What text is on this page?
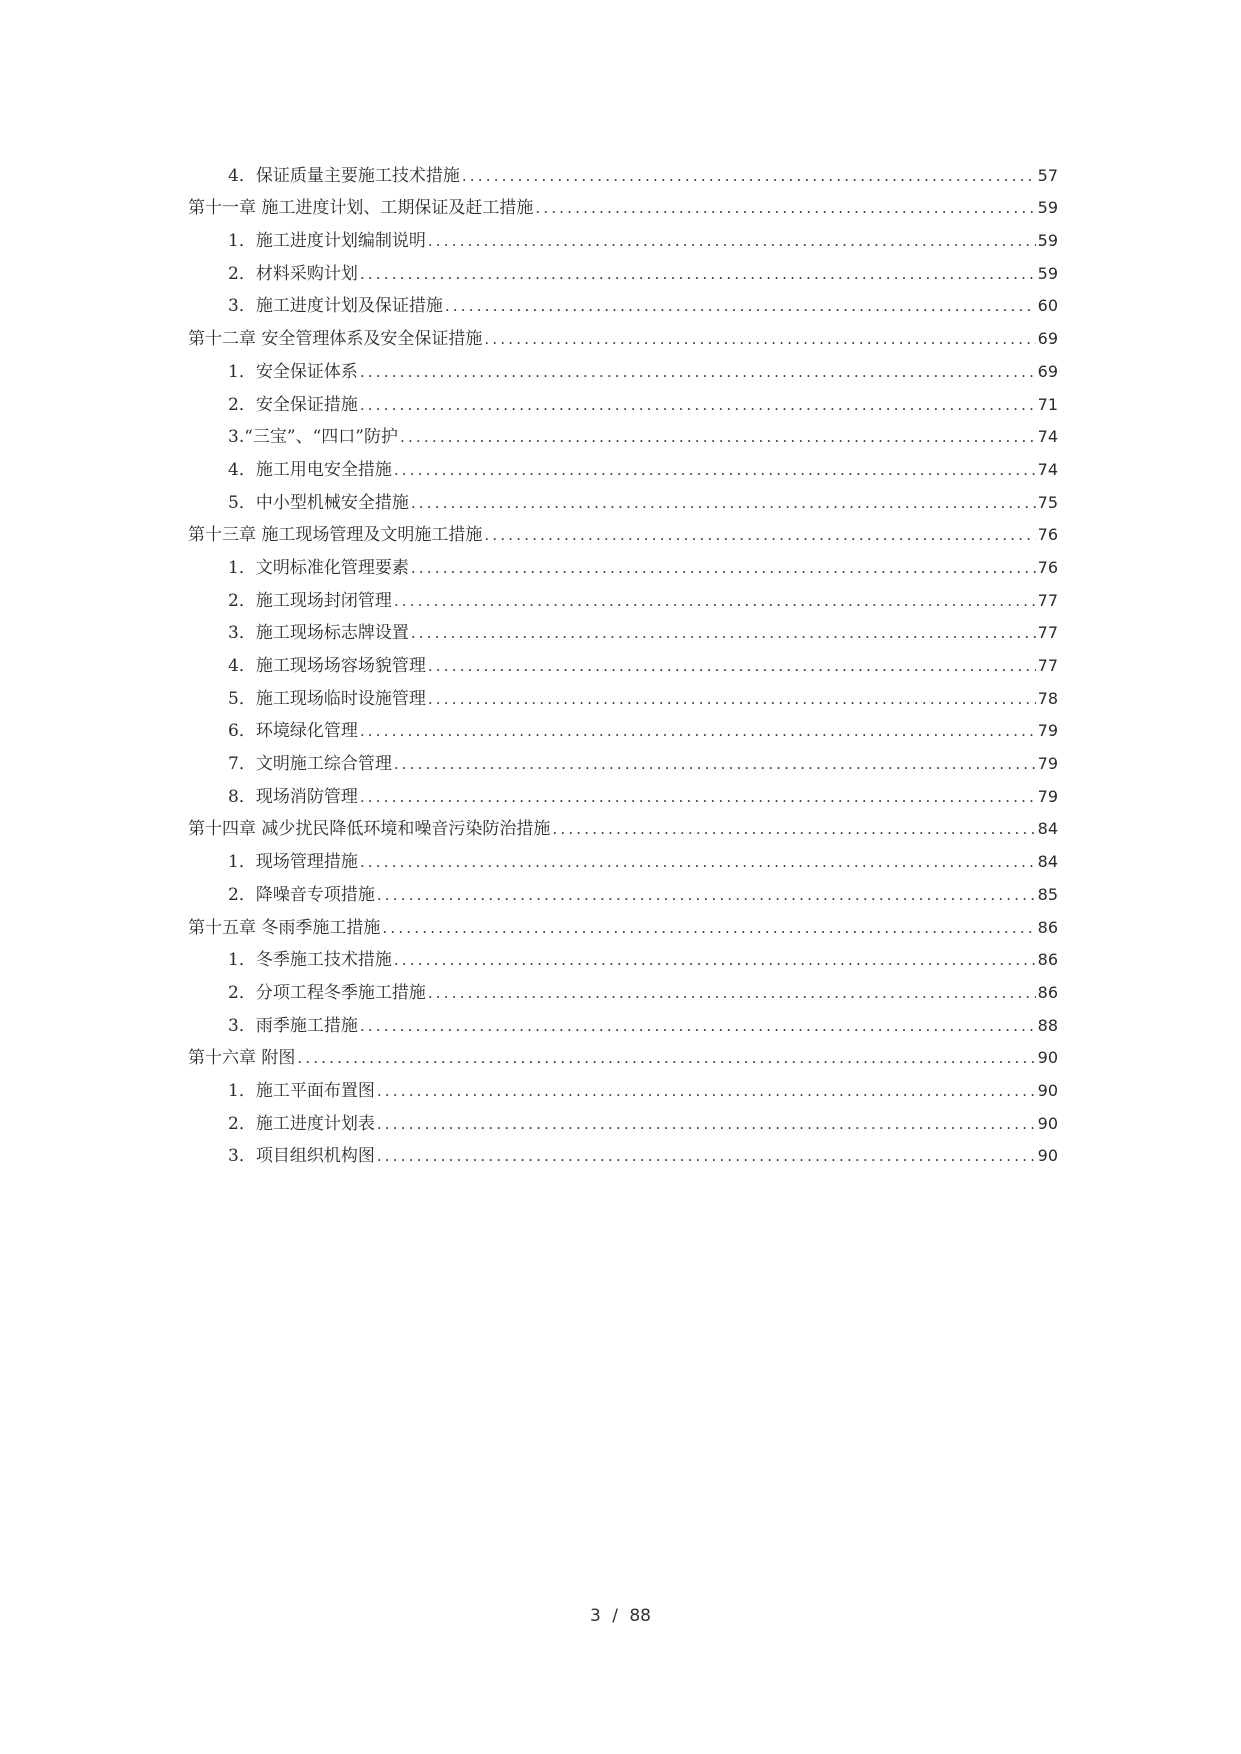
4．保证质量主要施工技术措施 .....	57
第十一章 施工进度计划、工期保证及赶工措施 .....	59
1．施工进度计划编制说明 .....	59
2．材料采购计划 .....	59
3．施工进度计划及保证措施 .....	60
第十二章 安全管理体系及安全保证措施 .....	69
1．安全保证体系 .....	69
2．安全保证措施 .....	71
3.“三宝”、“四口”防护 .....	74
4．施工用电安全措施 .....	74
5．中小型机械安全措施 .....	75
第十三章 施工现场管理及文明施工措施 .....	76
1．文明标准化管理要素 .....	76
2．施工现场封闭管理 .....	77
3．施工现场标志牌设置 .....	77
4．施工现场场容场貌管理 .....	77
5．施工现场临时设施管理 .....	78
6．环境绿化管理 .....	79
7．文明施工综合管理 .....	79
8．现场消防管理 .....	79
第十四章 减少扰民降低环境和噪音污染防治措施 .....	84
1．现场管理措施 .....	84
2．降噪音专项措施 .....	85
第十五章 冬雨季施工措施 .....	86
1．冬季施工技术措施 .....	86
2．分项工程冬季施工措施 .....	86
3．雨季施工措施 .....	88
第十六章 附图 .....	90
1．施工平面布置图 .....	90
2．施工进度计划表 .....	90
3．项目组织机构图 .....	90
3 / 88
